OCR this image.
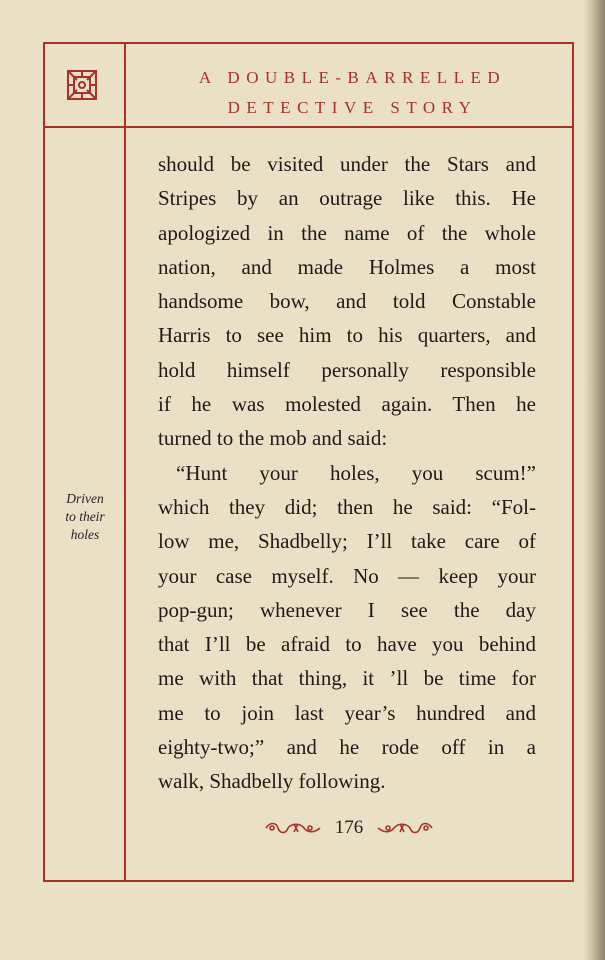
A DOUBLE-BARRELLED
DETECTIVE STORY
Driven
to their
holes
should be visited under the Stars and
Stripes by an outrage like this. He
apologized in the name of the whole
nation, and made Holmes a most
handsome bow, and told Constable
Harris to see him to his quarters, and
hold himself personally responsible
if he was molested again. Then he
turned to the mob and said:
“Hunt your holes, you scum!”
which they did; then he said: “Fol-
low me, Shadbelly; I’ll take care of
your case myself. No — keep your
pop-gun; whenever I see the day
that I’ll be afraid to have you behind
me with that thing, it ’ll be time for
me to join last year’s hundred and
eighty-two;” and he rode off in a
walk, Shadbelly following.
176
